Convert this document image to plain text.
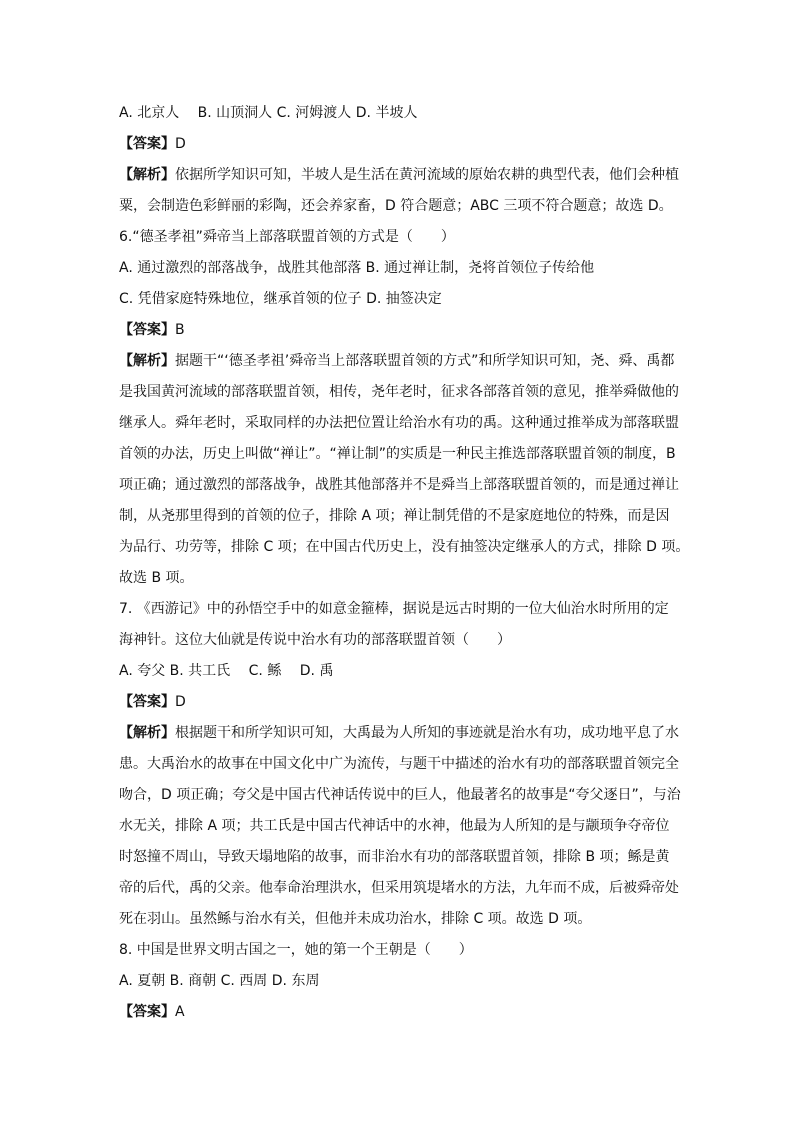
A. 北京人　 B. 山顶洞人 C. 河姆渡人 D. 半坡人
【答案】D
【解析】依据所学知识可知，半坡人是生活在黄河流域的原始农耕的典型代表，他们会种植
粟，会制造色彩鲜丽的彩陶，还会养家畜，D 符合题意；ABC 三项不符合题意；故选 D。
6.“德圣孝祖”舜帝当上部落联盟首领的方式是（　　）
A. 通过激烈的部落战争，战胜其他部落 B. 通过禅让制，尧将首领位子传给他
C. 凭借家庭特殊地位，继承首领的位子 D. 抽签决定
【答案】B
【解析】据题干“‘德圣孝祖’舜帝当上部落联盟首领的方式”和所学知识可知，尧、舜、禹都
是我国黄河流域的部落联盟首领，相传，尧年老时，征求各部落首领的意见，推举舜做他的
继承人。舜年老时，采取同样的办法把位置让给治水有功的禹。这种通过推举成为部落联盟
首领的办法，历史上叫做“禅让”。“禅让制”的实质是一种民主推选部落联盟首领的制度，B
项正确；通过激烈的部落战争，战胜其他部落并不是舜当上部落联盟首领的，而是通过禅让
制，从尧那里得到的首领的位子，排除 A 项；禅让制凭借的不是家庭地位的特殊，而是因
为品行、功劳等，排除 C 项；在中国古代历史上，没有抽签决定继承人的方式，排除 D 项。
故选 B 项。
7. 《西游记》中的孙悟空手中的如意金箍棒，据说是远古时期的一位大仙治水时所用的定
海神针。这位大仙就是传说中治水有功的部落联盟首领（　　）
A. 夸父 B. 共工氏　 C. 鲧　 D. 禹
【答案】D
【解析】根据题干和所学知识可知，大禹最为人所知的事迹就是治水有功，成功地平息了水
患。大禹治水的故事在中国文化中广为流传，与题干中描述的治水有功的部落联盟首领完全
吻合，D 项正确；夸父是中国古代神话传说中的巨人，他最著名的故事是“夸父逐日”，与治
水无关，排除 A 项；共工氏是中国古代神话中的水神，他最为人所知的是与颛顼争夺帝位
时怒撞不周山，导致天塌地陷的故事，而非治水有功的部落联盟首领，排除 B 项；鲧是黄
帝的后代，禹的父亲。他奉命治理洪水，但采用筑堤堵水的方法，九年而不成，后被舜帝处
死在羽山。虽然鲧与治水有关，但他并未成功治水，排除 C 项。故选 D 项。
8. 中国是世界文明古国之一，她的第一个王朝是（　　）
A. 夏朝 B. 商朝 C. 西周 D. 东周
【答案】A
